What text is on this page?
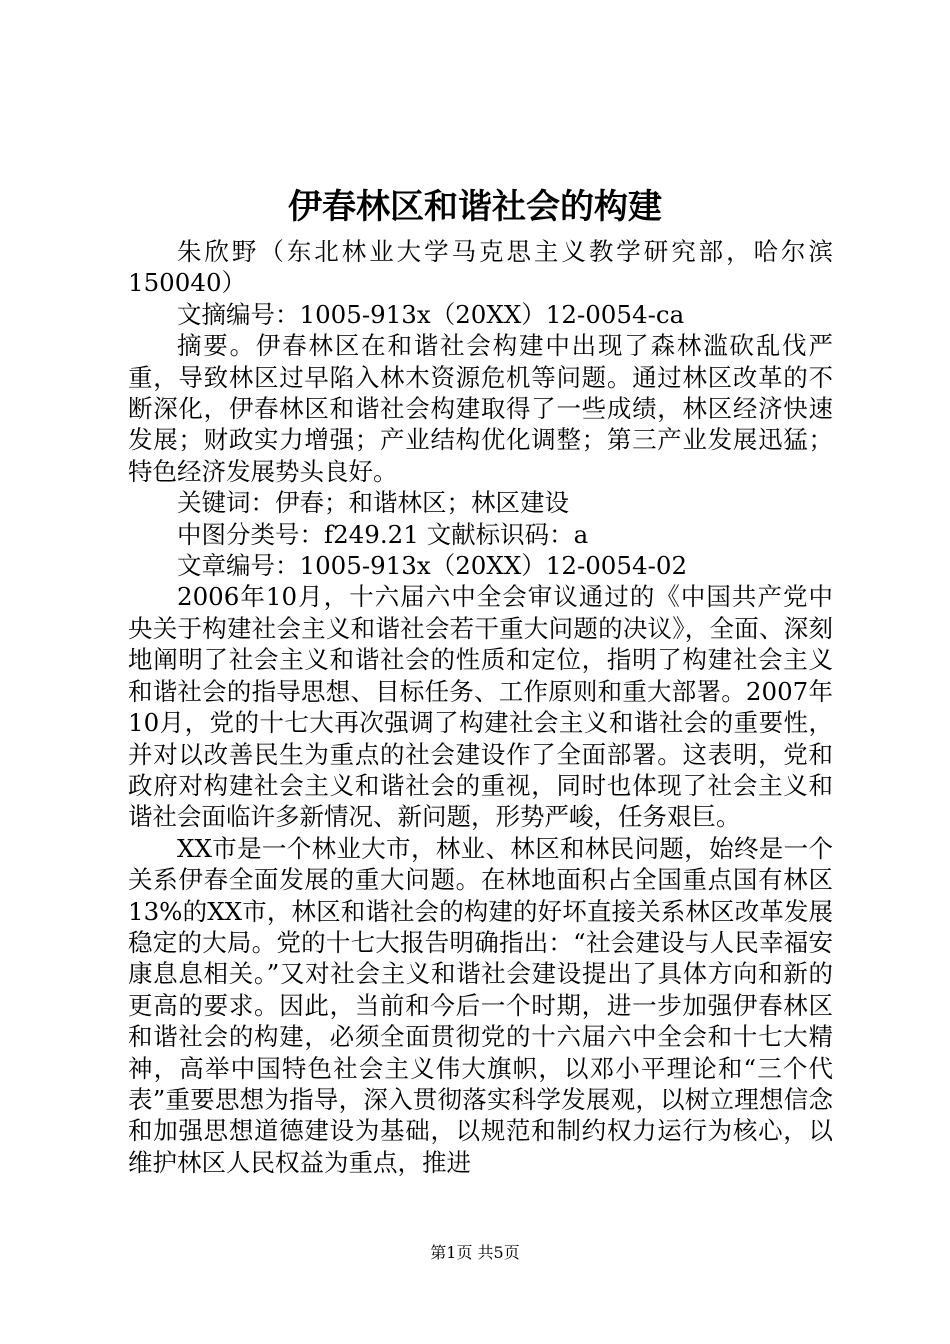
伊春林区和谐社会的构建

朱欣野（东北林业大学马克思主义教学研究部，哈尔滨150040）

文摘编号：1005-913x（20XX）12-0054-ca

摘要。伊春林区在和谐社会构建中出现了森林滥砍乱伐严重，导致林区过早陷入林木资源危机等问题。通过林区改革的不断深化，伊春林区和谐社会构建取得了一些成绩，林区经济快速发展；财政实力增强；产业结构优化调整；第三产业发展迅猛；特色经济发展势头良好。

关键词：伊春；和谐林区；林区建设

中图分类号：f249.21 文献标识码：a

文章编号：1005-913x（20XX）12-0054-02

2006年10月，十六届六中全会审议通过的《中国共产党中央关于构建社会主义和谐社会若干重大问题的决议》，全面、深刻地阐明了社会主义和谐社会的性质和定位，指明了构建社会主义和谐社会的指导思想、目标任务、工作原则和重大部署。2007年10月，党的十七大再次强调了构建社会主义和谐社会的重要性，并对以改善民生为重点的社会建设作了全面部署。这表明，党和政府对构建社会主义和谐社会的重视，同时也体现了社会主义和谐社会面临许多新情况、新问题，形势严峻，任务艰巨。

XX市是一个林业大市，林业、林区和林民问题，始终是一个关系伊春全面发展的重大问题。在林地面积占全国重点国有林区13%的XX市，林区和谐社会的构建的好坏直接关系林区改革发展稳定的大局。党的十七大报告明确指出：“社会建设与人民幸福安康息息相关。”又对社会主义和谐社会建设提出了具体方向和新的更高的要求。因此，当前和今后一个时期，进一步加强伊春林区和谐社会的构建，必须全面贯彻党的十六届六中全会和十七大精神，高举中国特色社会主义伟大旗帜，以邓小平理论和“三个代表”重要思想为指导，深入贯彻落实科学发展观，以树立理想信念和加强思想道德建设为基础，以规范和制约权力运行为核心，以维护林区人民权益为重点，推进

第1页 共5页
